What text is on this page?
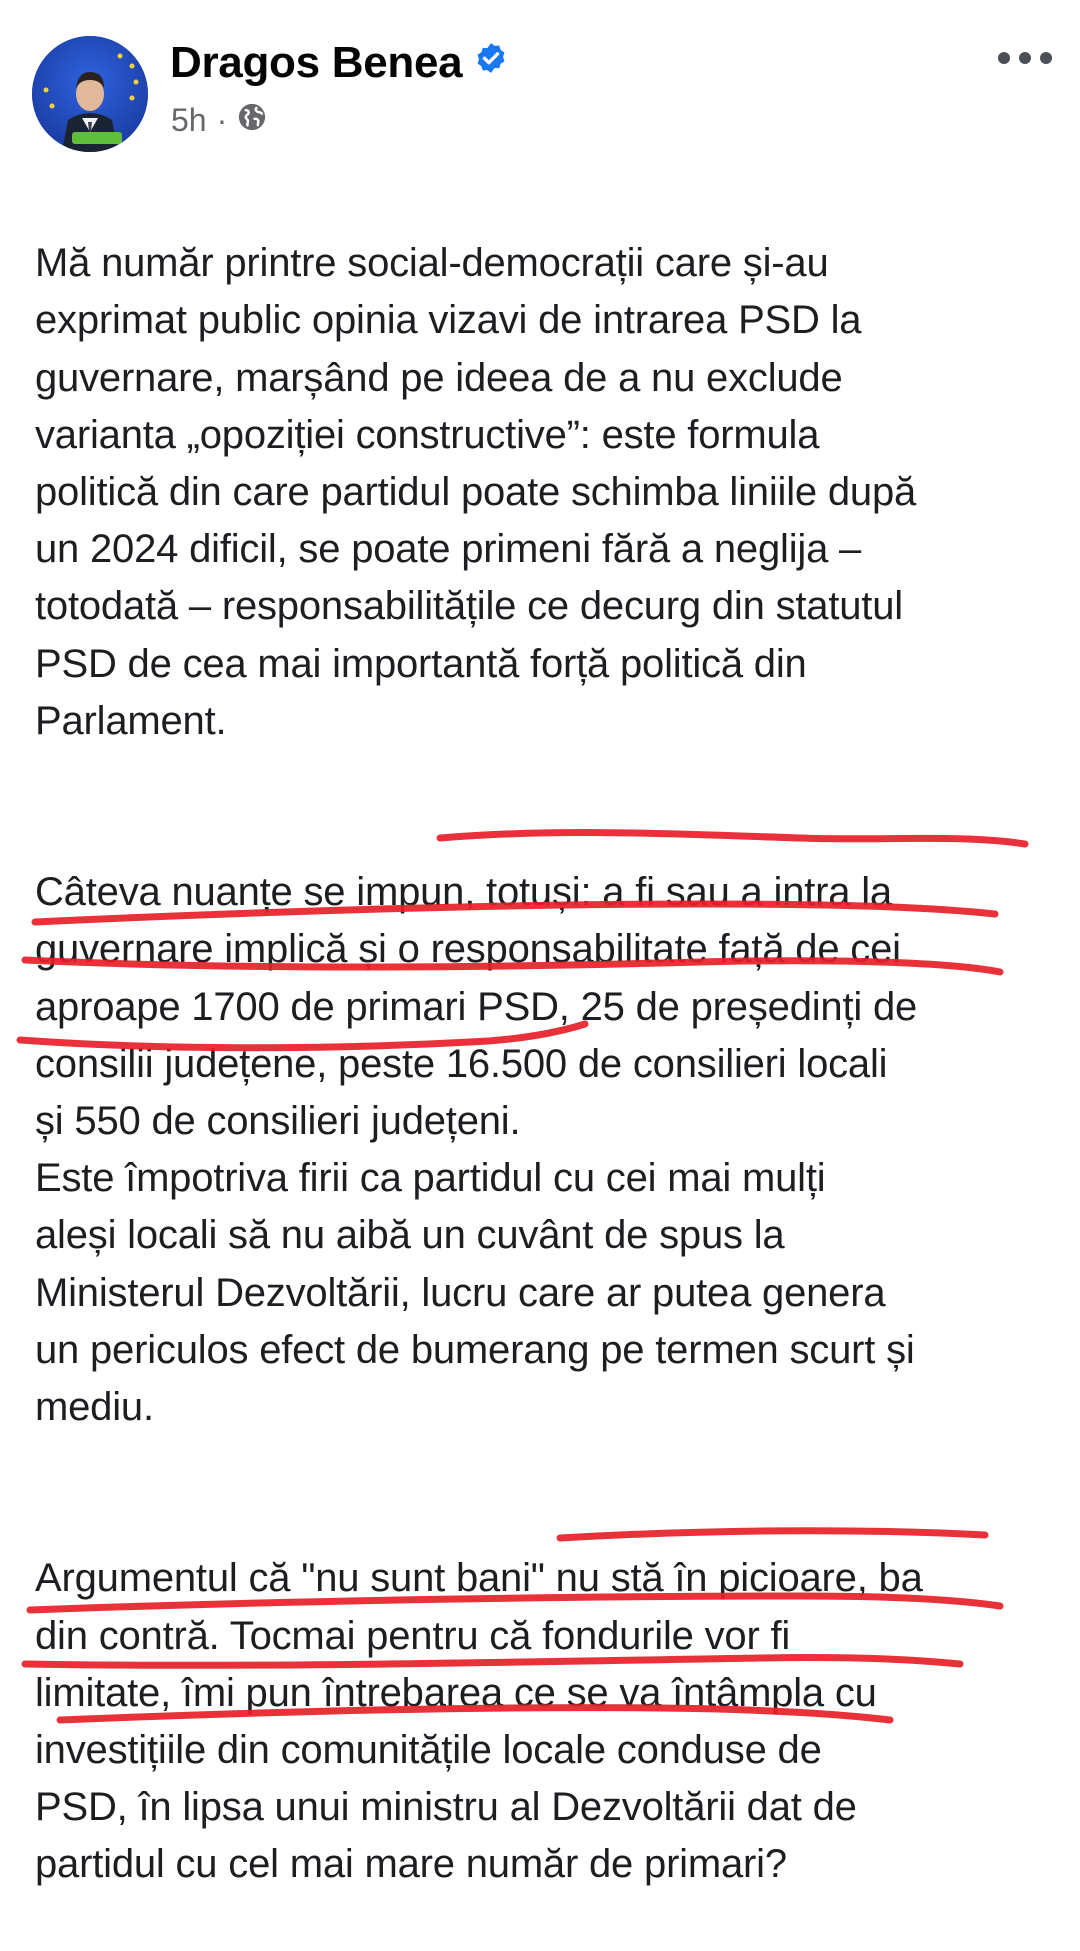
Dragos Benea
5h ·

Mă număr printre social-democrații care și-au
exprimat public opinia vizavi de intrarea PSD la
guvernare, marșând pe ideea de a nu exclude
varianta „opoziției constructive”: este formula
politică din care partidul poate schimba liniile după
un 2024 dificil, se poate primeni fără a neglija –
totodată – responsabilitățile ce decurg din statutul
PSD de cea mai importantă forță politică din
Parlament.

Câteva nuanțe se impun, totuși: a fi sau a intra la
guvernare implică și o responsabilitate față de cei
aproape 1700 de primari PSD, 25 de președinți de
consilii județene, peste 16.500 de consilieri locali
și 550 de consilieri județeni.
Este împotriva firii ca partidul cu cei mai mulți
aleși locali să nu aibă un cuvânt de spus la
Ministerul Dezvoltării, lucru care ar putea genera
un periculos efect de bumerang pe termen scurt și
mediu.

Argumentul că "nu sunt bani" nu stă în picioare, ba
din contră. Tocmai pentru că fondurile vor fi
limitate, îmi pun întrebarea ce se va întâmpla cu
investițiile din comunitățile locale conduse de
PSD, în lipsa unui ministru al Dezvoltării dat de
partidul cu cel mai mare număr de primari?
